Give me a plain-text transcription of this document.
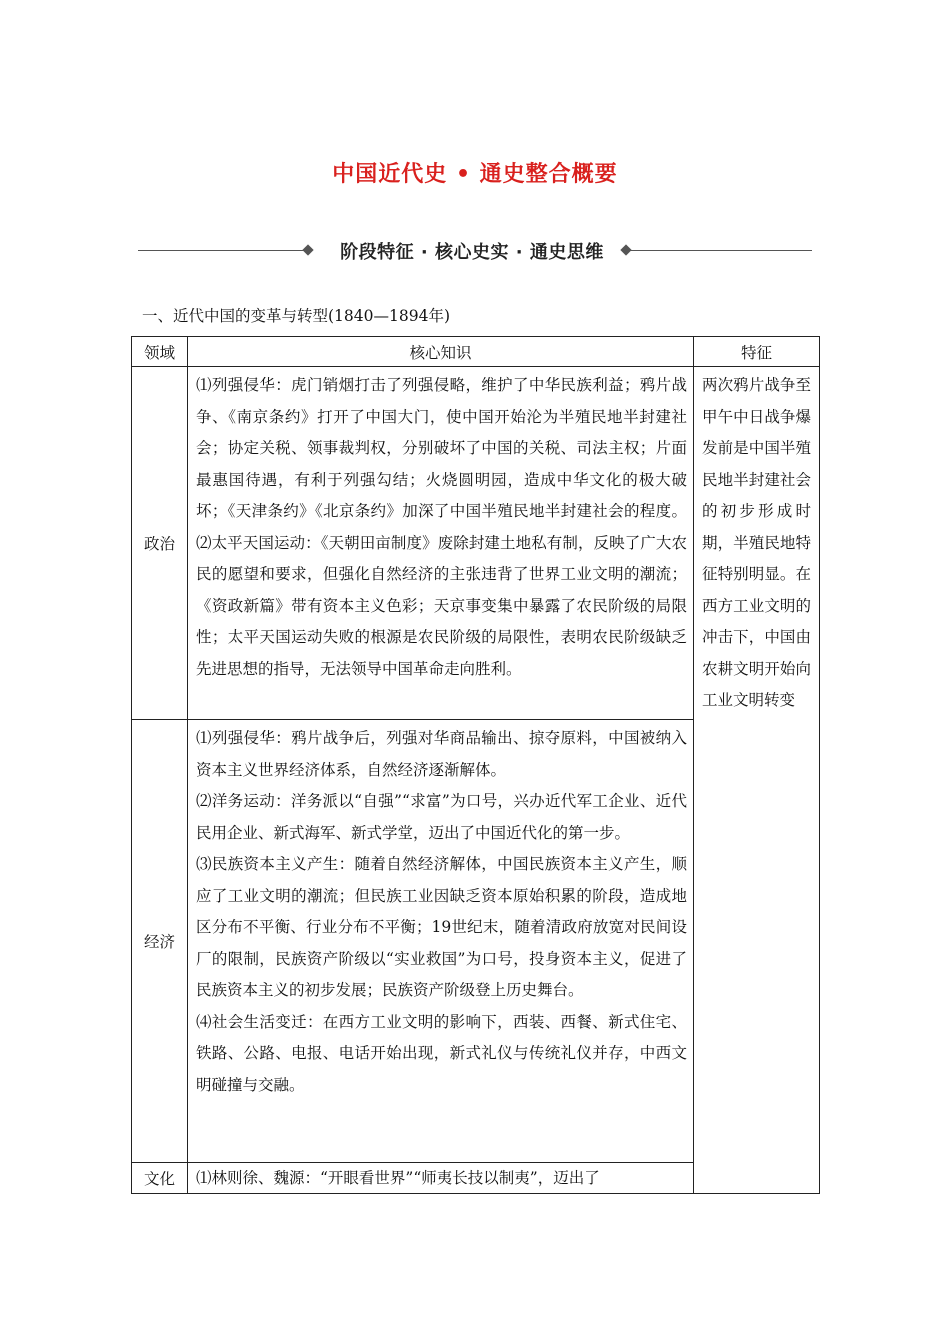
中国近代史 • 通史整合概要
阶段特征 · 核心史实 · 通史思维
一、近代中国的变革与转型(1840—1894年)
领域	核心知识	特征
政治	⑴列强侵华：虎门销烟打击了列强侵略，维护了中华民族利益；鸦片战争、《南京条约》打开了中国大门，使中国开始沦为半殖民地半封建社会；协定关税、领事裁判权，分别破坏了中国的关税、司法主权；片面最惠国待遇，有利于列强勾结；火烧圆明园，造成中华文化的极大破坏；《天津条约》《北京条约》加深了中国半殖民地半封建社会的程度。⑵太平天国运动：《天朝田亩制度》废除封建土地私有制，反映了广大农民的愿望和要求，但强化自然经济的主张违背了世界工业文明的潮流；《资政新篇》带有资本主义色彩；天京事变集中暴露了农民阶级的局限性；太平天国运动失败的根源是农民阶级的局限性，表明农民阶级缺乏先进思想的指导，无法领导中国革命走向胜利。	两次鸦片战争至甲午中日战争爆发前是中国半殖民地半封建社会的初步形成时期，半殖民地特征特别明显。在西方工业文明的冲击下，中国由农耕文明开始向工业文明转变
经济	⑴列强侵华：鸦片战争后，列强对华商品输出、掠夺原料，中国被纳入资本主义世界经济体系，自然经济逐渐解体。

⑵洋务运动：洋务派以“自强”“求富”为口号，兴办近代军工企业、近代民用企业、新式海军、新式学堂，迈出了中国近代化的第一步。

⑶民族资本主义产生：随着自然经济解体，中国民族资本主义产生，顺应了工业文明的潮流；但民族工业因缺乏资本原始积累的阶段，造成地区分布不平衡、行业分布不平衡；19世纪末，随着清政府放宽对民间设厂的限制，民族资产阶级以“实业救国”为口号，投身资本主义，促进了民族资本主义的初步发展；民族资产阶级登上历史舞台。

⑷社会生活变迁：在西方工业文明的影响下，西装、西餐、新式住宅、铁路、公路、电报、电话开始出现，新式礼仪与传统礼仪并存，中西文明碰撞与交融。	

文化	⑴林则徐、魏源：“开眼看世界”“师夷长技以制夷”，迈出了	
